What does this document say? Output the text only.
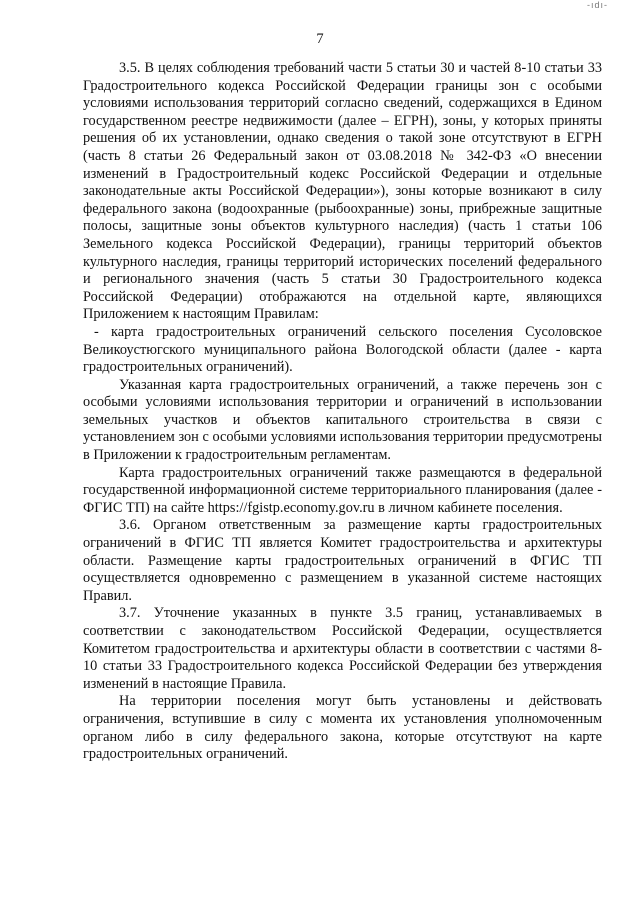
-ıdı-
7

3.5. В целях соблюдения требований части 5 статьи 30 и частей 8-10 статьи 33 Градостроительного кодекса Российской Федерации границы зон с особыми условиями использования территорий согласно сведений, содержащихся в Едином государственном реестре недвижимости (далее – ЕГРН), зоны, у которых приняты решения об их установлении, однако сведения о такой зоне отсутствуют в ЕГРН (часть 8 статьи 26 Федеральный закон от 03.08.2018 № 342-ФЗ «О внесении изменений в Градостроительный кодекс Российской Федерации и отдельные законодательные акты Российской Федерации»), зоны которые возникают в силу федерального закона (водоохранные (рыбоохранные) зоны, прибрежные защитные полосы, защитные зоны объектов культурного наследия) (часть 1 статьи 106 Земельного кодекса Российской Федерации), границы территорий объектов культурного наследия, границы территорий исторических поселений федерального и регионального значения (часть 5 статьи 30 Градостроительного кодекса Российской Федерации) отображаются на отдельной карте, являющихся Приложением к настоящим Правилам:

- карта градостроительных ограничений сельского поселения Сусоловское Великоустюгского муниципального района Вологодской области (далее - карта градостроительных ограничений).

Указанная карта градостроительных ограничений, а также перечень зон с особыми условиями использования территории и ограничений в использовании земельных участков и объектов капитального строительства в связи с установлением зон с особыми условиями использования территории предусмотрены в Приложении к градостроительным регламентам.

Карта градостроительных ограничений также размещаются в федеральной государственной информационной системе территориального планирования (далее - ФГИС ТП) на сайте https://fgistp.economy.gov.ru в личном кабинете поселения.

3.6. Органом ответственным за размещение карты градостроительных ограничений в ФГИС ТП является Комитет градостроительства и архитектуры области. Размещение карты градостроительных ограничений в ФГИС ТП осуществляется одновременно с размещением в указанной системе настоящих Правил.

3.7. Уточнение указанных в пункте 3.5 границ, устанавливаемых в соответствии с законодательством Российской Федерации, осуществляется Комитетом градостроительства и архитектуры области в соответствии с частями 8-10 статьи 33 Градостроительного кодекса Российской Федерации без утверждения изменений в настоящие Правила.

На территории поселения могут быть установлены и действовать ограничения, вступившие в силу с момента их установления уполномоченным органом либо в силу федерального закона, которые отсутствуют на карте градостроительных ограничений.
